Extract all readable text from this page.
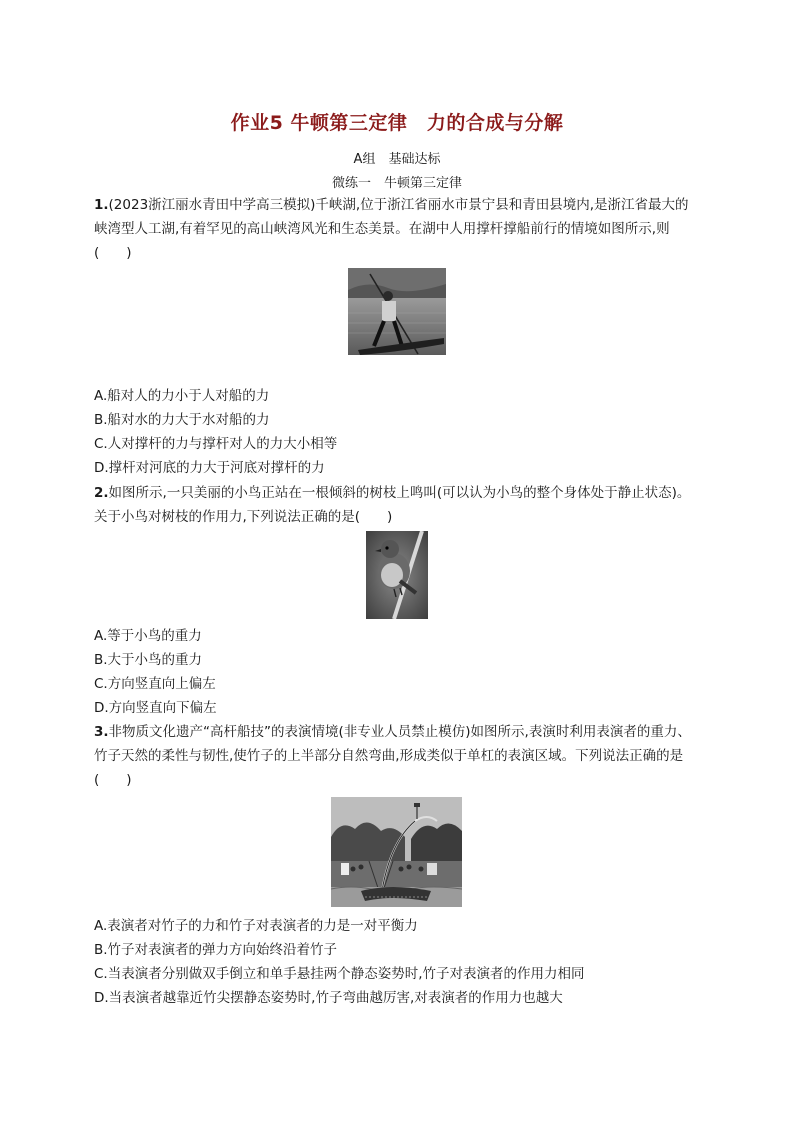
作业5 牛顿第三定律　力的合成与分解
A组　基础达标
微练一　牛顿第三定律

1.(2023浙江丽水青田中学高三模拟)千峡湖,位于浙江省丽水市景宁县和青田县境内,是浙江省最大的峡湾型人工湖,有着罕见的高山峡湾风光和生态美景。在湖中人用撑杆撑船前行的情境如图所示,则(　　)

A.船对人的力小于人对船的力
B.船对水的力大于水对船的力
C.人对撑杆的力与撑杆对人的力大小相等
D.撑杆对河底的力大于河底对撑杆的力

2.如图所示,一只美丽的小鸟正站在一根倾斜的树枝上鸣叫(可以认为小鸟的整个身体处于静止状态)。关于小鸟对树枝的作用力,下列说法正确的是(　　)

A.等于小鸟的重力
B.大于小鸟的重力
C.方向竖直向上偏左
D.方向竖直向下偏左

3.非物质文化遗产“高杆船技”的表演情境(非专业人员禁止模仿)如图所示,表演时利用表演者的重力、竹子天然的柔性与韧性,使竹子的上半部分自然弯曲,形成类似于单杠的表演区域。下列说法正确的是(　　)

A.表演者对竹子的力和竹子对表演者的力是一对平衡力
B.竹子对表演者的弹力方向始终沿着竹子
C.当表演者分别做双手倒立和单手悬挂两个静态姿势时,竹子对表演者的作用力相同
D.当表演者越靠近竹尖摆静态姿势时,竹子弯曲越厉害,对表演者的作用力也越大
